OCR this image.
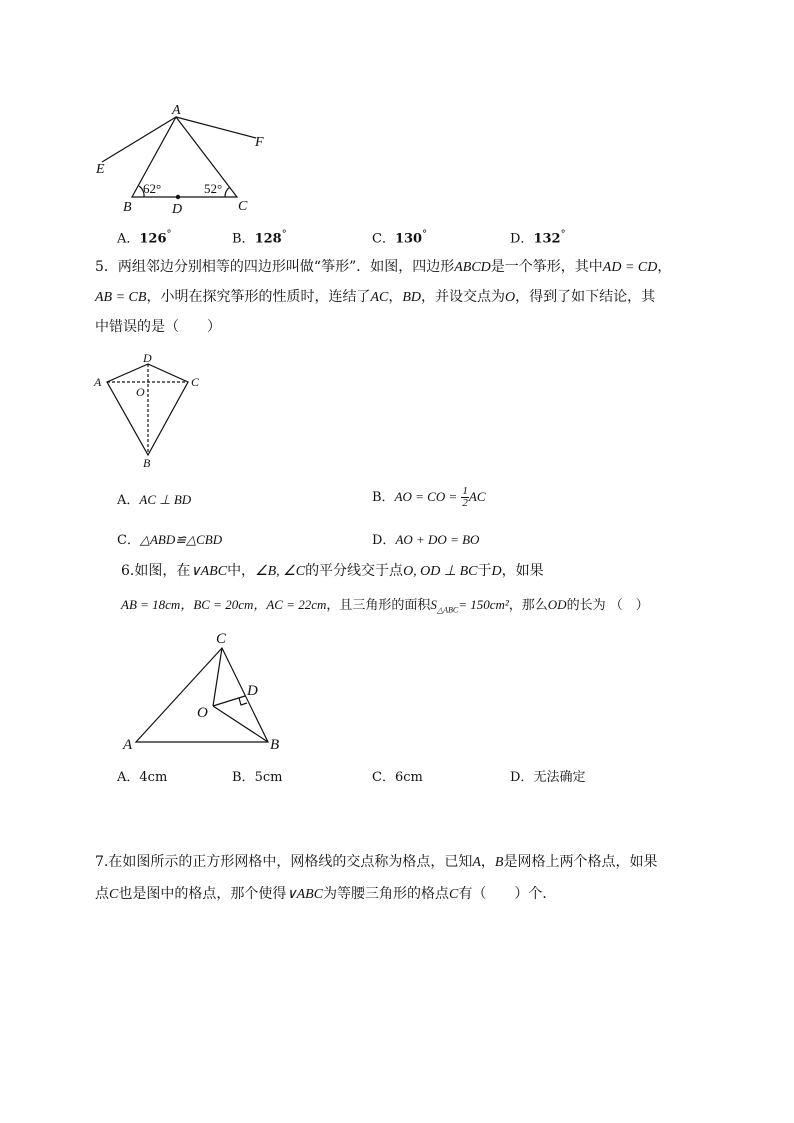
A
B	C
D
E
F
62°	52°
A．126°	B．128°	C．130°	D．132°
5．两组邻边分别相等的四边形叫做“筝形”．如图，四边形ABCD是一个筝形，其中AD = CD，
AB = CB，小明在探究筝形的性质时，连结了AC，BD，并设交点为O，得到了如下结论，其
中错误的是（　　）
A
D
C
B
O
A．AC ⊥ BD	B．AO = CO = $\frac{1}{2}$ AC
C．△ABD≌△CBD	D．AO + DO = BO
6.如图，在∨ABC中，∠B, ∠C的平分线交于点O, OD ⊥ BC于D，如果
AB = 18cm，BC = 20cm，AC = 22cm，且三角形的面积$S_{\triangle ABC}= 150cm^2$，那么OD的长为 （　）
C
A	B
O
D
A．4cm	B．5cm	C．6cm	D．无法确定
7.在如图所示的正方形网格中，网格线的交点称为格点，已知A，B是网格上两个格点，如果
点C也是图中的格点，那个使得∨ABC为等腰三角形的格点C有（　　）个．
